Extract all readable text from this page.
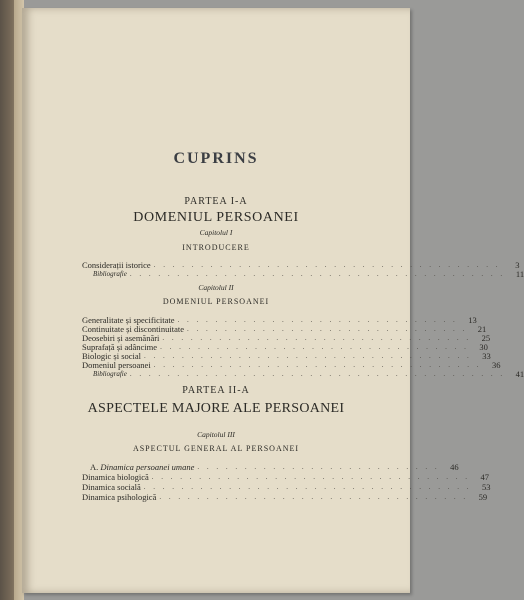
CUPRINS
PARTEA I-A
DOMENIUL PERSOANEI
Capitolul I
INTRODUCERE
Considerații istorice . . . . . . . . . . . . . . . . . . . . . . . . . . . . . . . . . . . . .	3
Bibliografie . . . . . . . . . . . . . . . . . . . . . . . . . . . . . . . . . . . . . . . .	11
Capitolul II
DOMENIUL PERSOANEI
Generalitate și specificitate . . . . . . . . . . . . . . . . . . . . . . . . . . . . . .	13
Continuitate și discontinuitate . . . . . . . . . . . . . . . . . . . . . . . . . . . . . .	21
Deosebiri și asemănări . . . . . . . . . . . . . . . . . . . . . . . . . . . . . . . . .	25
Suprafață și adâncime . . . . . . . . . . . . . . . . . . . . . . . . . . . . . . . . .	30
Biologic și social . . . . . . . . . . . . . . . . . . . . . . . . . . . . . . . . . . .	33
Domeniul persoanei . . . . . . . . . . . . . . . . . . . . . . . . . . . . . . . . . . .	36
Bibliografie . . . . . . . . . . . . . . . . . . . . . . . . . . . . . . . . . . . . . . . .	41
PARTEA II-A
ASPECTELE MAJORE ALE PERSOANEI
Capitolul III
ASPECTUL GENERAL AL PERSOANEI
A. Dinamica persoanei umane . . . . . . . . . . . . . . . . . . . . . . . . . .	46
Dinamica biologică . . . . . . . . . . . . . . . . . . . . . . . . . . . . . . . . . .	47
Dinamica socială . . . . . . . . . . . . . . . . . . . . . . . . . . . . . . . . . . .	53
Dinamica psihologică . . . . . . . . . . . . . . . . . . . . . . . . . . . . . . . . .	59
